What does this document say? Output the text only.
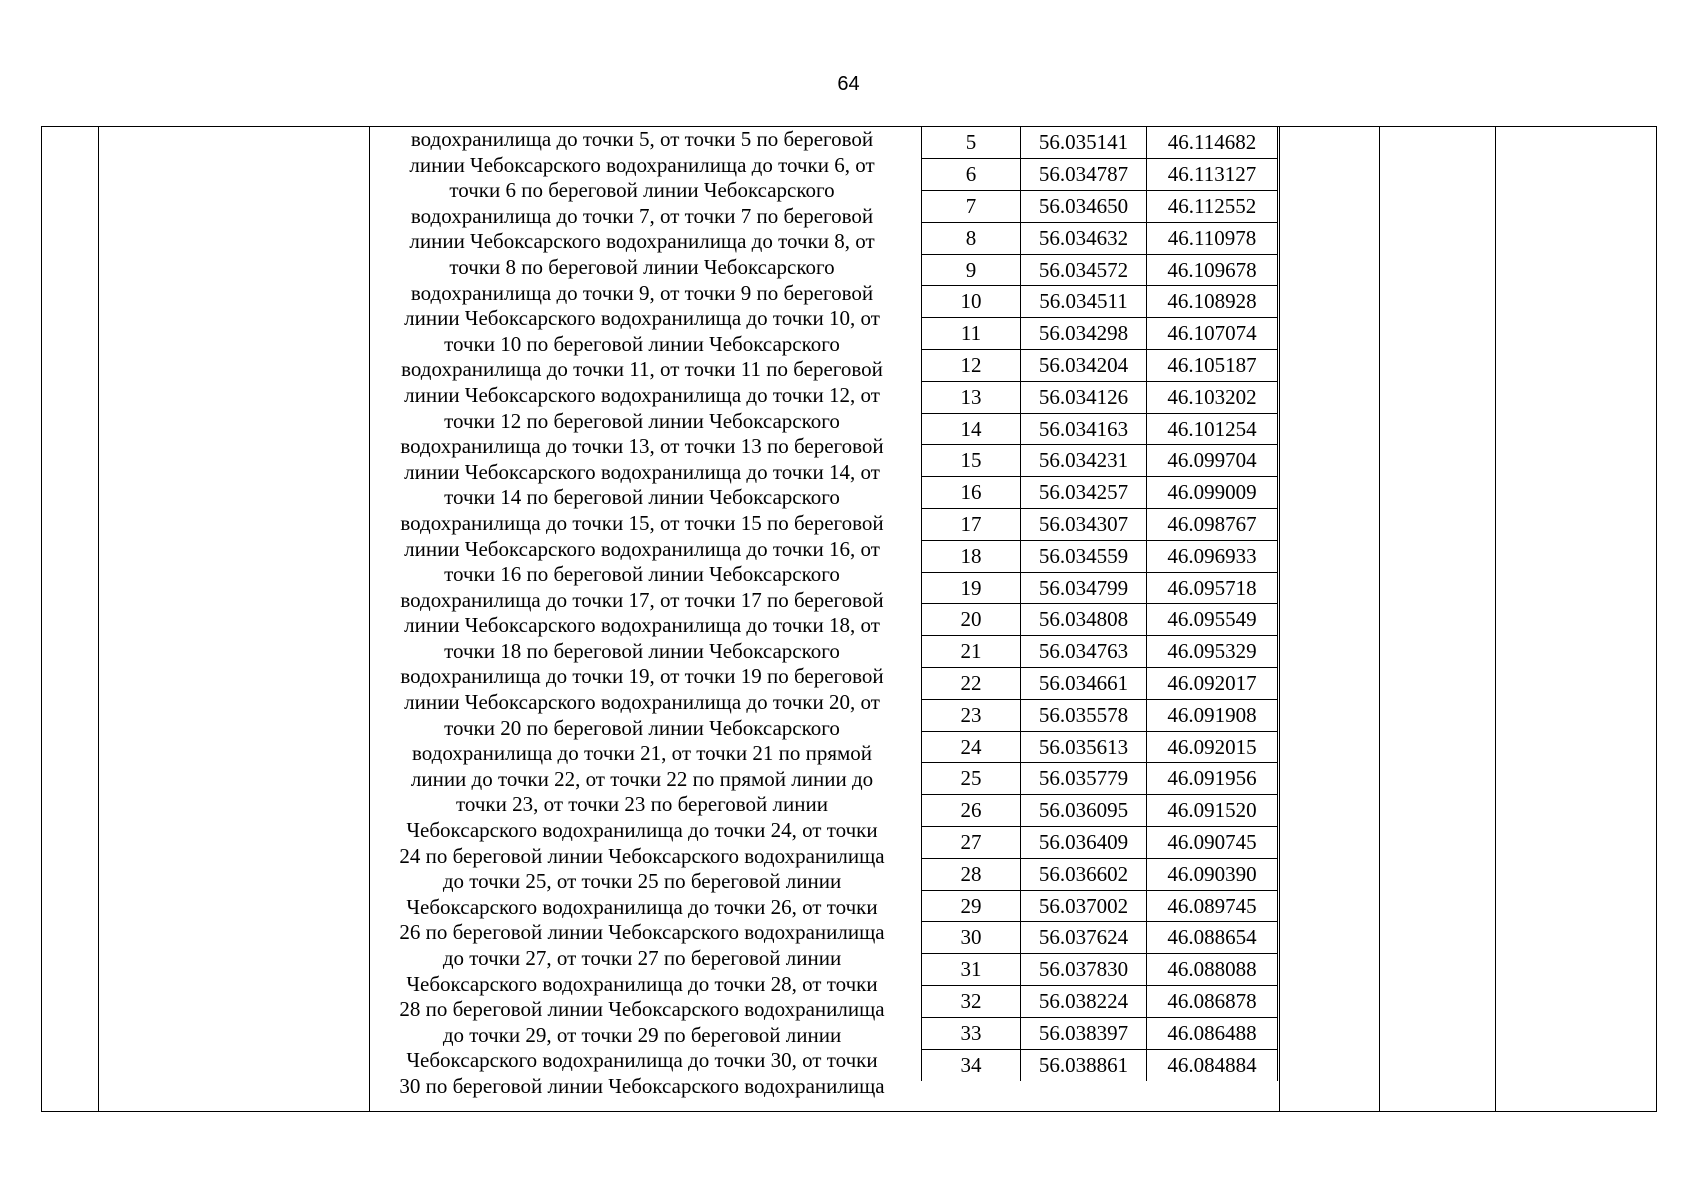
64
водохранилища до точки 5, от точки 5 по береговой
линии Чебоксарского водохранилища до точки 6, от
точки 6 по береговой линии Чебоксарского
водохранилища до точки 7, от точки 7 по береговой
линии Чебоксарского водохранилища до точки 8, от
точки 8 по береговой линии Чебоксарского
водохранилища до точки 9, от точки 9 по береговой
линии Чебоксарского водохранилища до точки 10, от
точки 10 по береговой линии Чебоксарского
водохранилища до точки 11, от точки 11 по береговой
линии Чебоксарского водохранилища до точки 12, от
точки 12 по береговой линии Чебоксарского
водохранилища до точки 13, от точки 13 по береговой
линии Чебоксарского водохранилища до точки 14, от
точки 14 по береговой линии Чебоксарского
водохранилища до точки 15, от точки 15 по береговой
линии Чебоксарского водохранилища до точки 16, от
точки 16 по береговой линии Чебоксарского
водохранилища до точки 17, от точки 17 по береговой
линии Чебоксарского водохранилища до точки 18, от
точки 18 по береговой линии Чебоксарского
водохранилища до точки 19, от точки 19 по береговой
линии Чебоксарского водохранилища до точки 20, от
точки 20 по береговой линии Чебоксарского
водохранилища до точки 21, от точки 21 по прямой
линии до точки 22, от точки 22 по прямой линии до
точки 23, от точки 23 по береговой линии
Чебоксарского водохранилища до точки 24, от точки
24 по береговой линии Чебоксарского водохранилища
до точки 25, от точки 25 по береговой линии
Чебоксарского водохранилища до точки 26, от точки
26 по береговой линии Чебоксарского водохранилища
до точки 27, от точки 27 по береговой линии
Чебоксарского водохранилища до точки 28, от точки
28 по береговой линии Чебоксарского водохранилища
до точки 29, от точки 29 по береговой линии
Чебоксарского водохранилища до точки 30, от точки
30 по береговой линии Чебоксарского водохранилища
5	56.035141	46.114682
6	56.034787	46.113127
7	56.034650	46.112552
8	56.034632	46.110978
9	56.034572	46.109678
10	56.034511	46.108928
11	56.034298	46.107074
12	56.034204	46.105187
13	56.034126	46.103202
14	56.034163	46.101254
15	56.034231	46.099704
16	56.034257	46.099009
17	56.034307	46.098767
18	56.034559	46.096933
19	56.034799	46.095718
20	56.034808	46.095549
21	56.034763	46.095329
22	56.034661	46.092017
23	56.035578	46.091908
24	56.035613	46.092015
25	56.035779	46.091956
26	56.036095	46.091520
27	56.036409	46.090745
28	56.036602	46.090390
29	56.037002	46.089745
30	56.037624	46.088654
31	56.037830	46.088088
32	56.038224	46.086878
33	56.038397	46.086488
34	56.038861	46.084884
